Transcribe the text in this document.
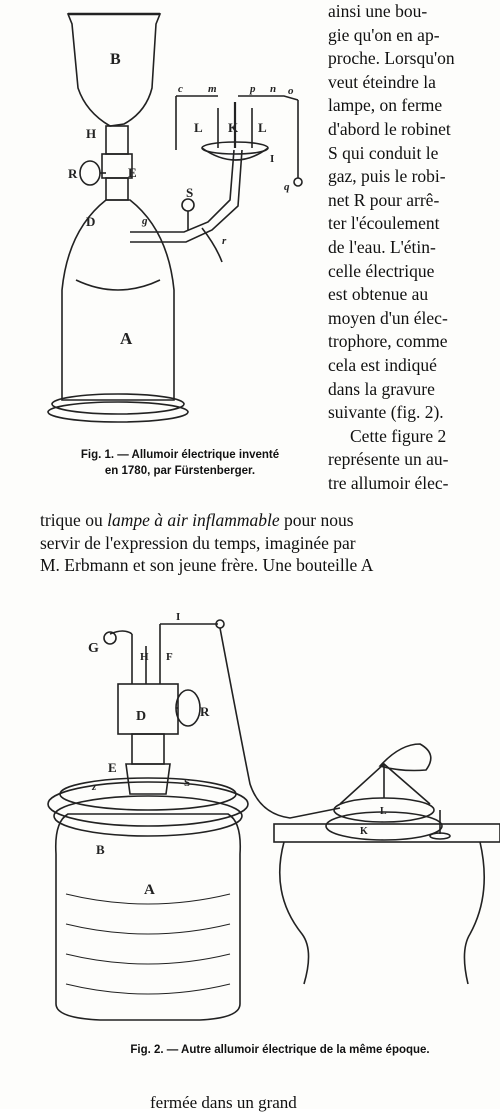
B
H
R	E
D
A
S
L K L
I
c m	p n o
q
g
r
Fig. 1. — Allumoir électrique inventé
en 1780, par Fürstenberger.
ainsi une bou-
gie qu'on en ap-
proche. Lorsqu'on
veut éteindre la
lampe, on ferme
d'abord le robinet
S qui conduit le
gaz, puis le robi-
net R pour arrê-
ter l'écoulement
de l'eau. L'étin-
celle électrique
est obtenue au
moyen d'un élec-
trophore, comme
cela est indiqué
dans la gravure
suivante (fig. 2).
Cette figure 2
représente un au-
tre allumoir élec-
trique ou lampe à air inflammable pour nous
servir de l'expression du temps, imaginée par
M. Erbmann et son jeune frère. Une bouteille A
G
H F
I
D	R
E
z	S
B
A
L
K
Fig. 2. — Autre allumoir électrique de la même époque.
fermée dans un grand
